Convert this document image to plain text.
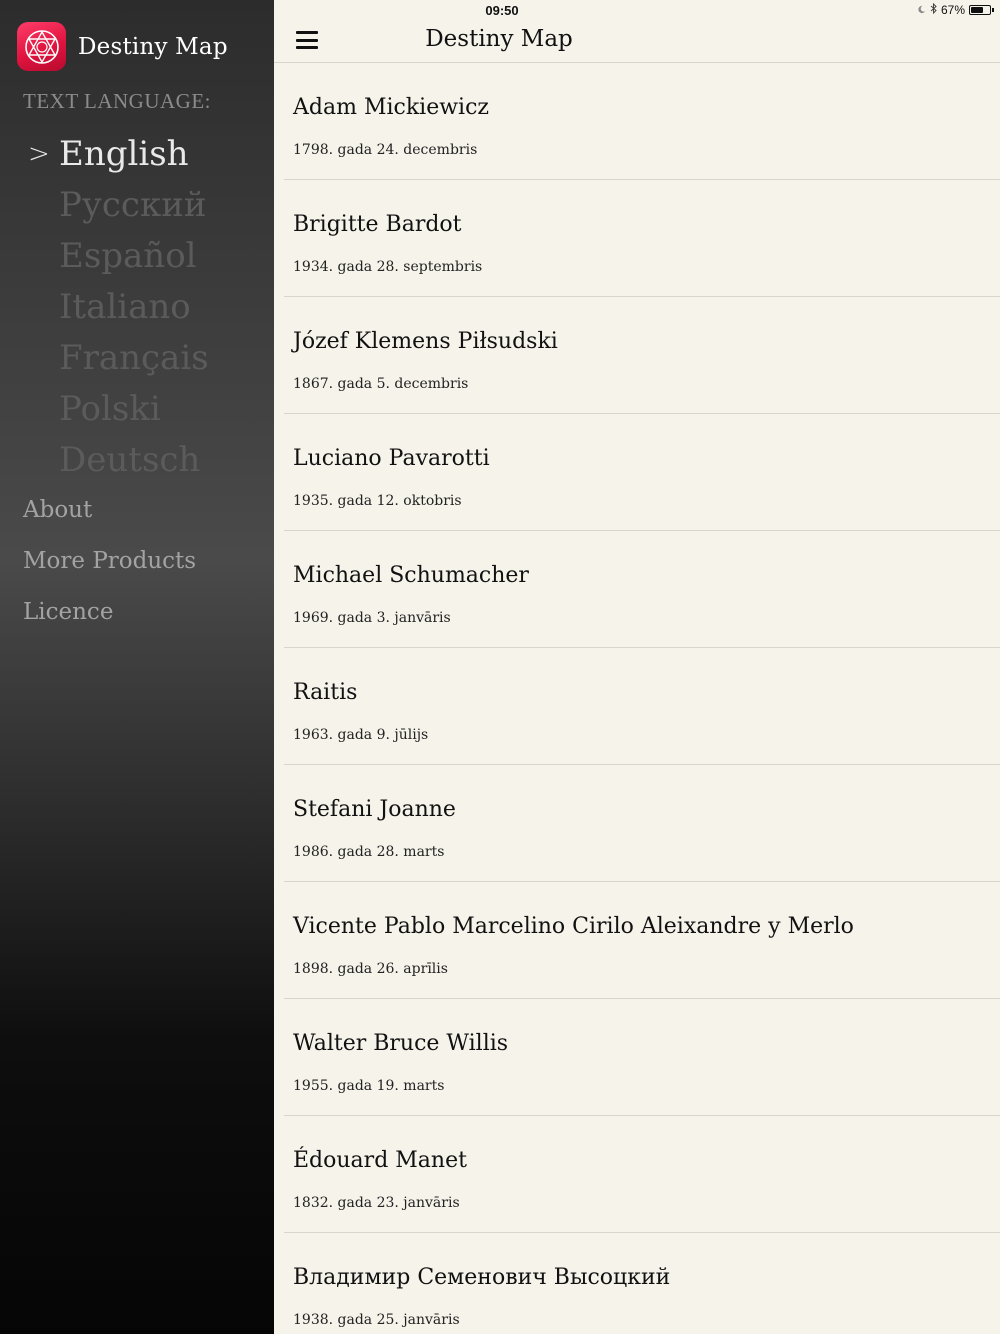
Destiny Map
TEXT LANGUAGE:
> English
Русский
Español
Italiano
Français
Polski
Deutsch
About
More Products
Licence
09:50	67%
Destiny Map
Adam Mickiewicz
1798. gada 24. decembris
Brigitte Bardot
1934. gada 28. septembris
Józef Klemens Piłsudski
1867. gada 5. decembris
Luciano Pavarotti
1935. gada 12. oktobris
Michael Schumacher
1969. gada 3. janvāris
Raitis
1963. gada 9. jūlijs
Stefani Joanne
1986. gada 28. marts
Vicente Pablo Marcelino Cirilo Aleixandre y Merlo
1898. gada 26. aprīlis
Walter Bruce Willis
1955. gada 19. marts
Édouard Manet
1832. gada 23. janvāris
Владимир Семенович Высоцкий
1938. gada 25. janvāris
